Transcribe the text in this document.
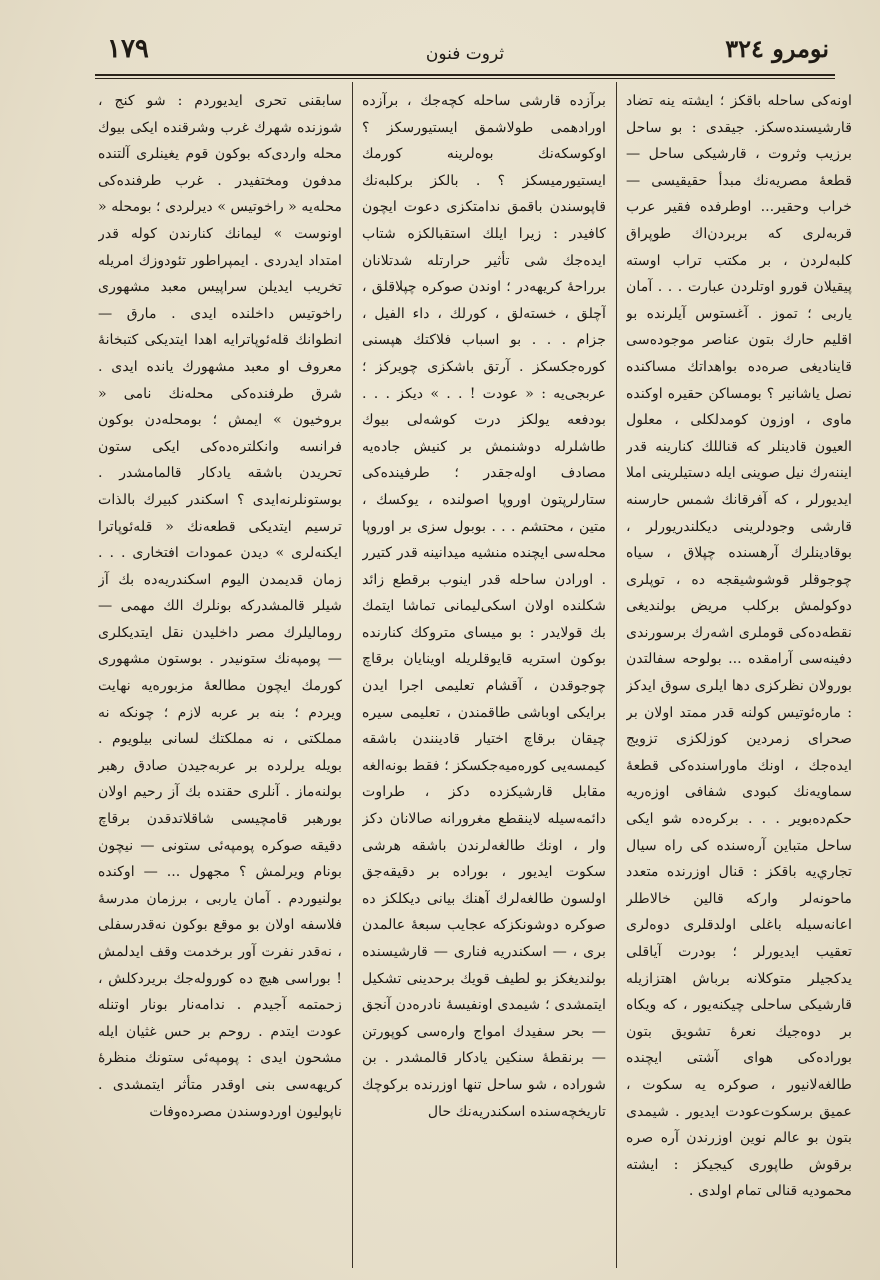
١٧٩	ثروت فنون	نومرو ٣٢٤

اونه‌كی ساحله باقكز ؛ ايشته ينه تضاد قارشيسنده‌سكز. جيقدی : بو ساحل برزيب وثروت ، قارشيكی ساحل — قطعهٔ مصريه‌نك مبدأ حقيقيسی — خراب وحقير... اوطرفده فقير عرب قربه‌لری كه بربردن‌اك طوپراق كلبه‌لردن ، بر مكتب تراب اوسته پيقيلان قورو اوتلردن عبارت . . . آمان ياربی ؛ تموز . آغستوس آيلرنده بو اقليم حارك بتون عناصر موجوده‌سی قايناديغی صره‌ده بو‌اهداتك مساكنده نصل ياشانير ؟ بومساكن حقيره اوكنده ماوی ، اوزون كومدلكلی ، معلول العيون قادينلر كه قناللك كنارينه قدر ايننه‌رك نيل صوينی ايله دستيلرينی املا ايديورلر ، كه آفرقانك شمس حارسنه قارشی وجودلرينی ديكلندر‌يورلر ، بوقادينلرك آرهسنده چپلاق ، سياه چوجوقلر قوشوشيقجه ده ، توپلری دوكولمش بركلب مريض بولنديغی نقطه‌ده‌كی قوملری اشه‌رك برسورندی دفينه‌سی آرامقده ... بولوحه سفالتدن بورولان نظركزی دها ايلری سوق ايدكز : ماره‌ئوتيس كولنه قدر ممتد اولان بر صحرای زمردين كوزلكزی تزويج ايده‌جك ، اونك ماوراسنده‌كی قطعهٔ سماويه‌نك كبودی شفافی اوزه‌ريه حكم‌ده‌بوير . . . بركره‌ده شو ايكی ساحل متباين آره‌سنده كی راه سيال تجاري‌يه باقكز : قنال اوزرنده متعدد ماحونه‌لر واركه قالين خالاطلر اعانه‌سيله باغلی اولدقلری دوه‌لری تعقيب ايديورلر ؛ بودرت آياقلی يدكجيلر متوكلانه برباش اهتزازيله قارشيكی ساحلی چيكنه‌يور ، كه ويكاه بر دوه‌جيك نعرهٔ تشويق بتون بوراده‌كی هوای آشتی ايچنده طالغه‌لانيور ، صوكره يه سكوت ، عميق برسكوت‌عودت ايديور . شيمدی بتون بو عالم نوين اوزرندن آره صره برقوش طاپوری كيجيكز : ايشته محموديه قنالی تمام اولدی .

برآزده قارشی ساحله كچه‌جك ، برآزده اورادهمی طولاشمق ايستيورسكز ؟ اوكوسكه‌نك بوه‌لرينه كورمك ايستيورميسكز ؟ . بالكز بركلبه‌نك قاپوسندن باقمق ندامتكزی دعوت ايچون كافيدر : زيرا ايلك استقبالكزه شتاب ايده‌جك شی تأثير حرارتله شدتلانان برراحهٔ كريهه‌در ؛ اوندن صوكره چپلاقلق ، آچلق ، خسته‌لق ، كورلك ، داء الفيل ، جزام . . . بو اسباب فلاكتك هپسنی كوره‌جكسكز . آرتق باشكزی چويركز ؛ عربجی‌يه : « عودت ! . . » ديكز . . . بودفعه يولكز درت كوشه‌لی بيوك طاشلرله دوشنمش بر كنيش جاده‌يه مصادف اوله‌جقدر ؛ طرفينده‌كی ستارلرپتون اوروپا اصولنده ، يوكسك ، متين ، محتشم . . . بوبول سزی بر اوروپا محله‌سی ايچنده منشيه ميدانينه قدر كتيرر . اورادن ساحله قدر اينوب برقطع زائد شكلنده اولان اسكی‌ليمانی تماشا ايتمك بك قولايدر : بو ميسای متروكك كنارنده بوكون استريه قايوقلريله اوينايان برقاچ چوجوقدن ، آقشام تعليمی اجرا ايدن برايكی اوباشی طاقمندن ، تعليمی سيره چيقان برقاچ اختيار قادينندن باشقه كيمسه‌يی كوره‌ميه‌جكسكز ؛ فقط بونه‌الغه مقابل قارشيكزده دكز ، طراوت دائمه‌سيله لاينقطع مغرورانه صالانان دكز وار ، اونك طالغه‌لرندن باشقه هرشی سكوت ايديور ، بوراده بر دقيقه‌جق اولسون طالغه‌لرك آهنك بيانی ديكلكز ده صوكره دوشونكزكه عجايب سبعهٔ عالمدن بری ، — اسكندريه فناری — قارشيسنده بولنديغكز بو لطيف قويك برحدينی تشكيل ايتمشدی ؛ شيمدی اونفيسهٔ نادره‌دن آنجق — بحر سفيدك امواج واره‌سی كوپورتن — برنقطهٔ سنكين يادكار قالمشدر . بن شوراده ، شو ساحل تنها اوزرنده بركوچك تاريخچه‌سنده اسكندريه‌نك حال

سابقنی تحری ايديوردم : شو كنج ، شوزنده شهرك غرب وشرقنده ايكی بيوك محله واردی‌كه بوكون قوم يغينلری آلتنده مدفون ومختفيدر . غرب طرفنده‌كی محله‌يه « راخوتيس » ديرلردی ؛ بومحله « اونوست » ليمانك كنارندن كوله قدر امتداد ايدردی . ايمپراطور تئودوزك امريله تخريب ايديلن سراپيس معبد مشهوری راخوتيس داخلنده ايدی . مارق — انطوانك قله‌ئوپاترايه اهدا ايتديكی كتبخانهٔ معروف او معبد مشهورك يانده ايدی . شرق طرفنده‌كی محله‌نك نامی « بروخيون » ايمش ؛ بومحله‌دن بوكون فرانسه وانكلتره‌ده‌كی ايكی ستون تحريدن باشقه يادكار قالمامشدر . بوستونلرنه‌ايدی ؟ اسكندر كبيرك بالذات ترسيم ايتديكی قطعه‌نك « قله‌ئوپاترا ايكنه‌لری » ديدن عمودات افتخاری . . . زمان قديمدن اليوم اسكندريه‌ده بك آز شيلر قالمشدركه بونلرك الك مهمی — رومالیلرك مصر داخليدن نقل ايتديكلری — پومپه‌نك ستونيدر . بوستون مشهوری كورمك ايچون مطالعهٔ مزبوره‌يه نهايت ويردم ؛ بنه بر عربه لازم ؛ چونكه نه مملكتی ، نه مملكتك لسانی بيلويوم . بويله يرلرده بر عربه‌جيدن صادق رهبر بولنه‌ماز . آنلری حقنده بك آز رحيم اولان بورهبر قامچيسی شاقلاتدقدن برقاچ دقيقه صوكره پومپه‌ئی ستونی — نيچون بونام ويرلمش ؟ مجهول ... — اوكنده بولنيوردم . آمان ياربی ، برزمان مدرسهٔ فلاسفه اولان بو موقع بوكون نه‌قدرسفلی ، نه‌قدر نفرت آور برخدمت وقف ايدلمش ! بوراسی هيچ ده كوروله‌جك بريردكلش ، زحمتمه آجيدم . ندامه‌نار بونار اوتنله عودت ايتدم . روحم بر حس غثيان ايله مشحون ايدی : پومپه‌ئی ستونك منظرهٔ كريهه‌سی بنی اوقدر متأثر ايتمشدی . ناپوليون اوردوسندن مصرده‌وفات
